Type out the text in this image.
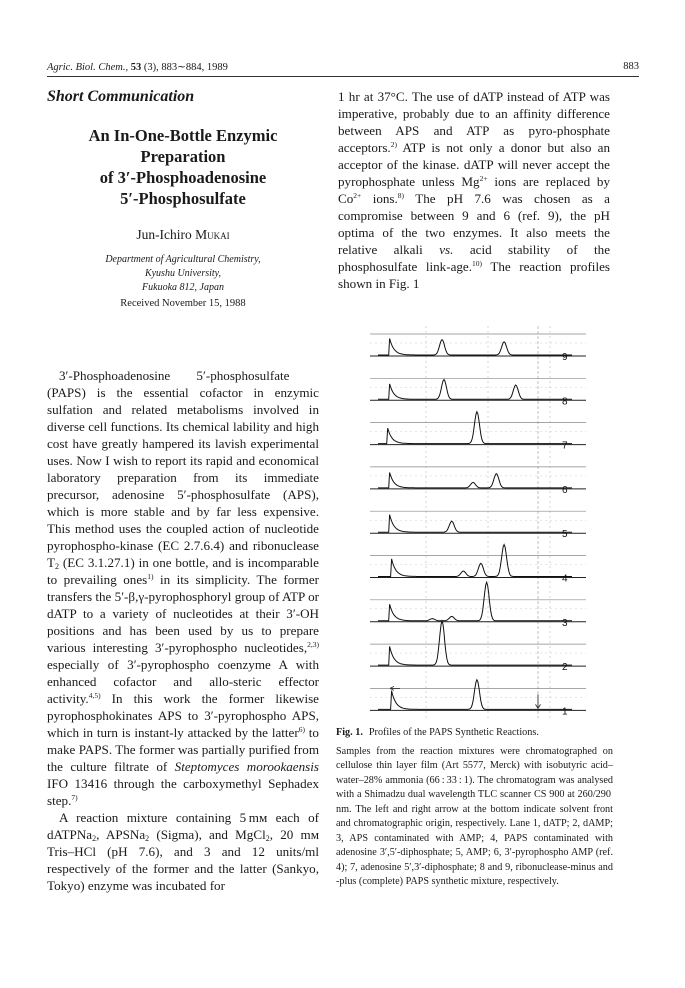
Agric. Biol. Chem., 53 (3), 883∼884, 1989	883
Short Communication
An In-One-Bottle Enzymic Preparation
of 3′-Phosphoadenosine
5′-Phosphosulfate
Jun-Ichiro Mukai
Department of Agricultural Chemistry,
Kyushu University,
Fukuoka 812, Japan
Received November 15, 1988

3′-Phosphoadenosine  5′-phosphosulfate (PAPS) is the essential cofactor in enzymic sulfation and related metabolisms involved in diverse cell functions. Its chemical lability and high cost have greatly hampered its lavish experimental uses. Now I wish to report its rapid and economical laboratory preparation from its immediate precursor, adenosine 5′-phosphosulfate (APS), which is more stable and by far less expensive. This method uses the coupled action of nucleotide pyrophospho-kinase (EC 2.7.6.4) and ribonuclease $T_2$ (EC 3.1.27.1) in one bottle, and is incomparable to prevailing ones$^{1)}$ in its simplicity. The former transfers the 5′-β,γ-pyrophosphoryl group of ATP or dATP to a variety of nucleotides at their 3′-OH positions and has been used by us to prepare various interesting 3′-pyrophospho nucleotides,$^{2,3)}$ especially of 3′-pyrophospho coenzyme A with enhanced cofactor and allo-steric effector activity.$^{4,5)}$ In this work the former likewise pyrophosphokinates APS to 3′-pyrophospho APS, which in turn is instant-ly attacked by the latter$^{6)}$ to make PAPS. The former was partially purified from the culture filtrate of Steptomyces morookaensis IFO 13416 through the carboxymethyl Sephadex step.$^{7)}$

A reaction mixture containing 5 mᴍ each of dATPNa$_2$, APSNa$_2$ (Sigma), and MgCl$_2$, 20 mᴍ Tris–HCl (pH 7.6), and 3 and 12 units/ml respectively of the former and the latter (Sankyo, Tokyo) enzyme was incubated for

1 hr at 37°C. The use of dATP instead of ATP was imperative, probably due to an affinity difference between APS and ATP as pyro-phosphate acceptors.$^{2)}$ ATP is not only a donor but also an acceptor of the kinase. dATP will never accept the pyrophosphate unless $Mg^{2+}$ ions are replaced by $Co^{2+}$ ions.$^{8)}$ The pH 7.6 was chosen as a compromise between 9 and 6 (ref. 9), the pH optima of the two enzymes. It also meets the relative alkali vs. acid stability of the phosphosulfate link-age.$^{10)}$ The reaction profiles shown in Fig. 1

9
8
7
6
5
4
3
2
1
Fig. 1. Profiles of the PAPS Synthetic Reactions.

Samples from the reaction mixtures were chromatographed on cellulose thin layer film (Art 5577, Merck) with isobutyric acid–water–28% ammonia (66 : 33 : 1). The chromatogram was analysed with a Shimadzu dual wavelength TLC scanner CS 900 at 260/290 nm. The left and right arrow at the bottom indicate solvent front and chromatographic origin, respectively. Lane 1, dATP; 2, dAMP; 3, APS contaminated with AMP; 4, PAPS contaminated with adenosine 3′,5′-diphosphate; 5, AMP; 6, 3′-pyrophospho AMP (ref. 4); 7, adenosine 5′,3′-diphosphate; 8 and 9, ribonuclease-minus and -plus (complete) PAPS synthetic mixture, respectively.
